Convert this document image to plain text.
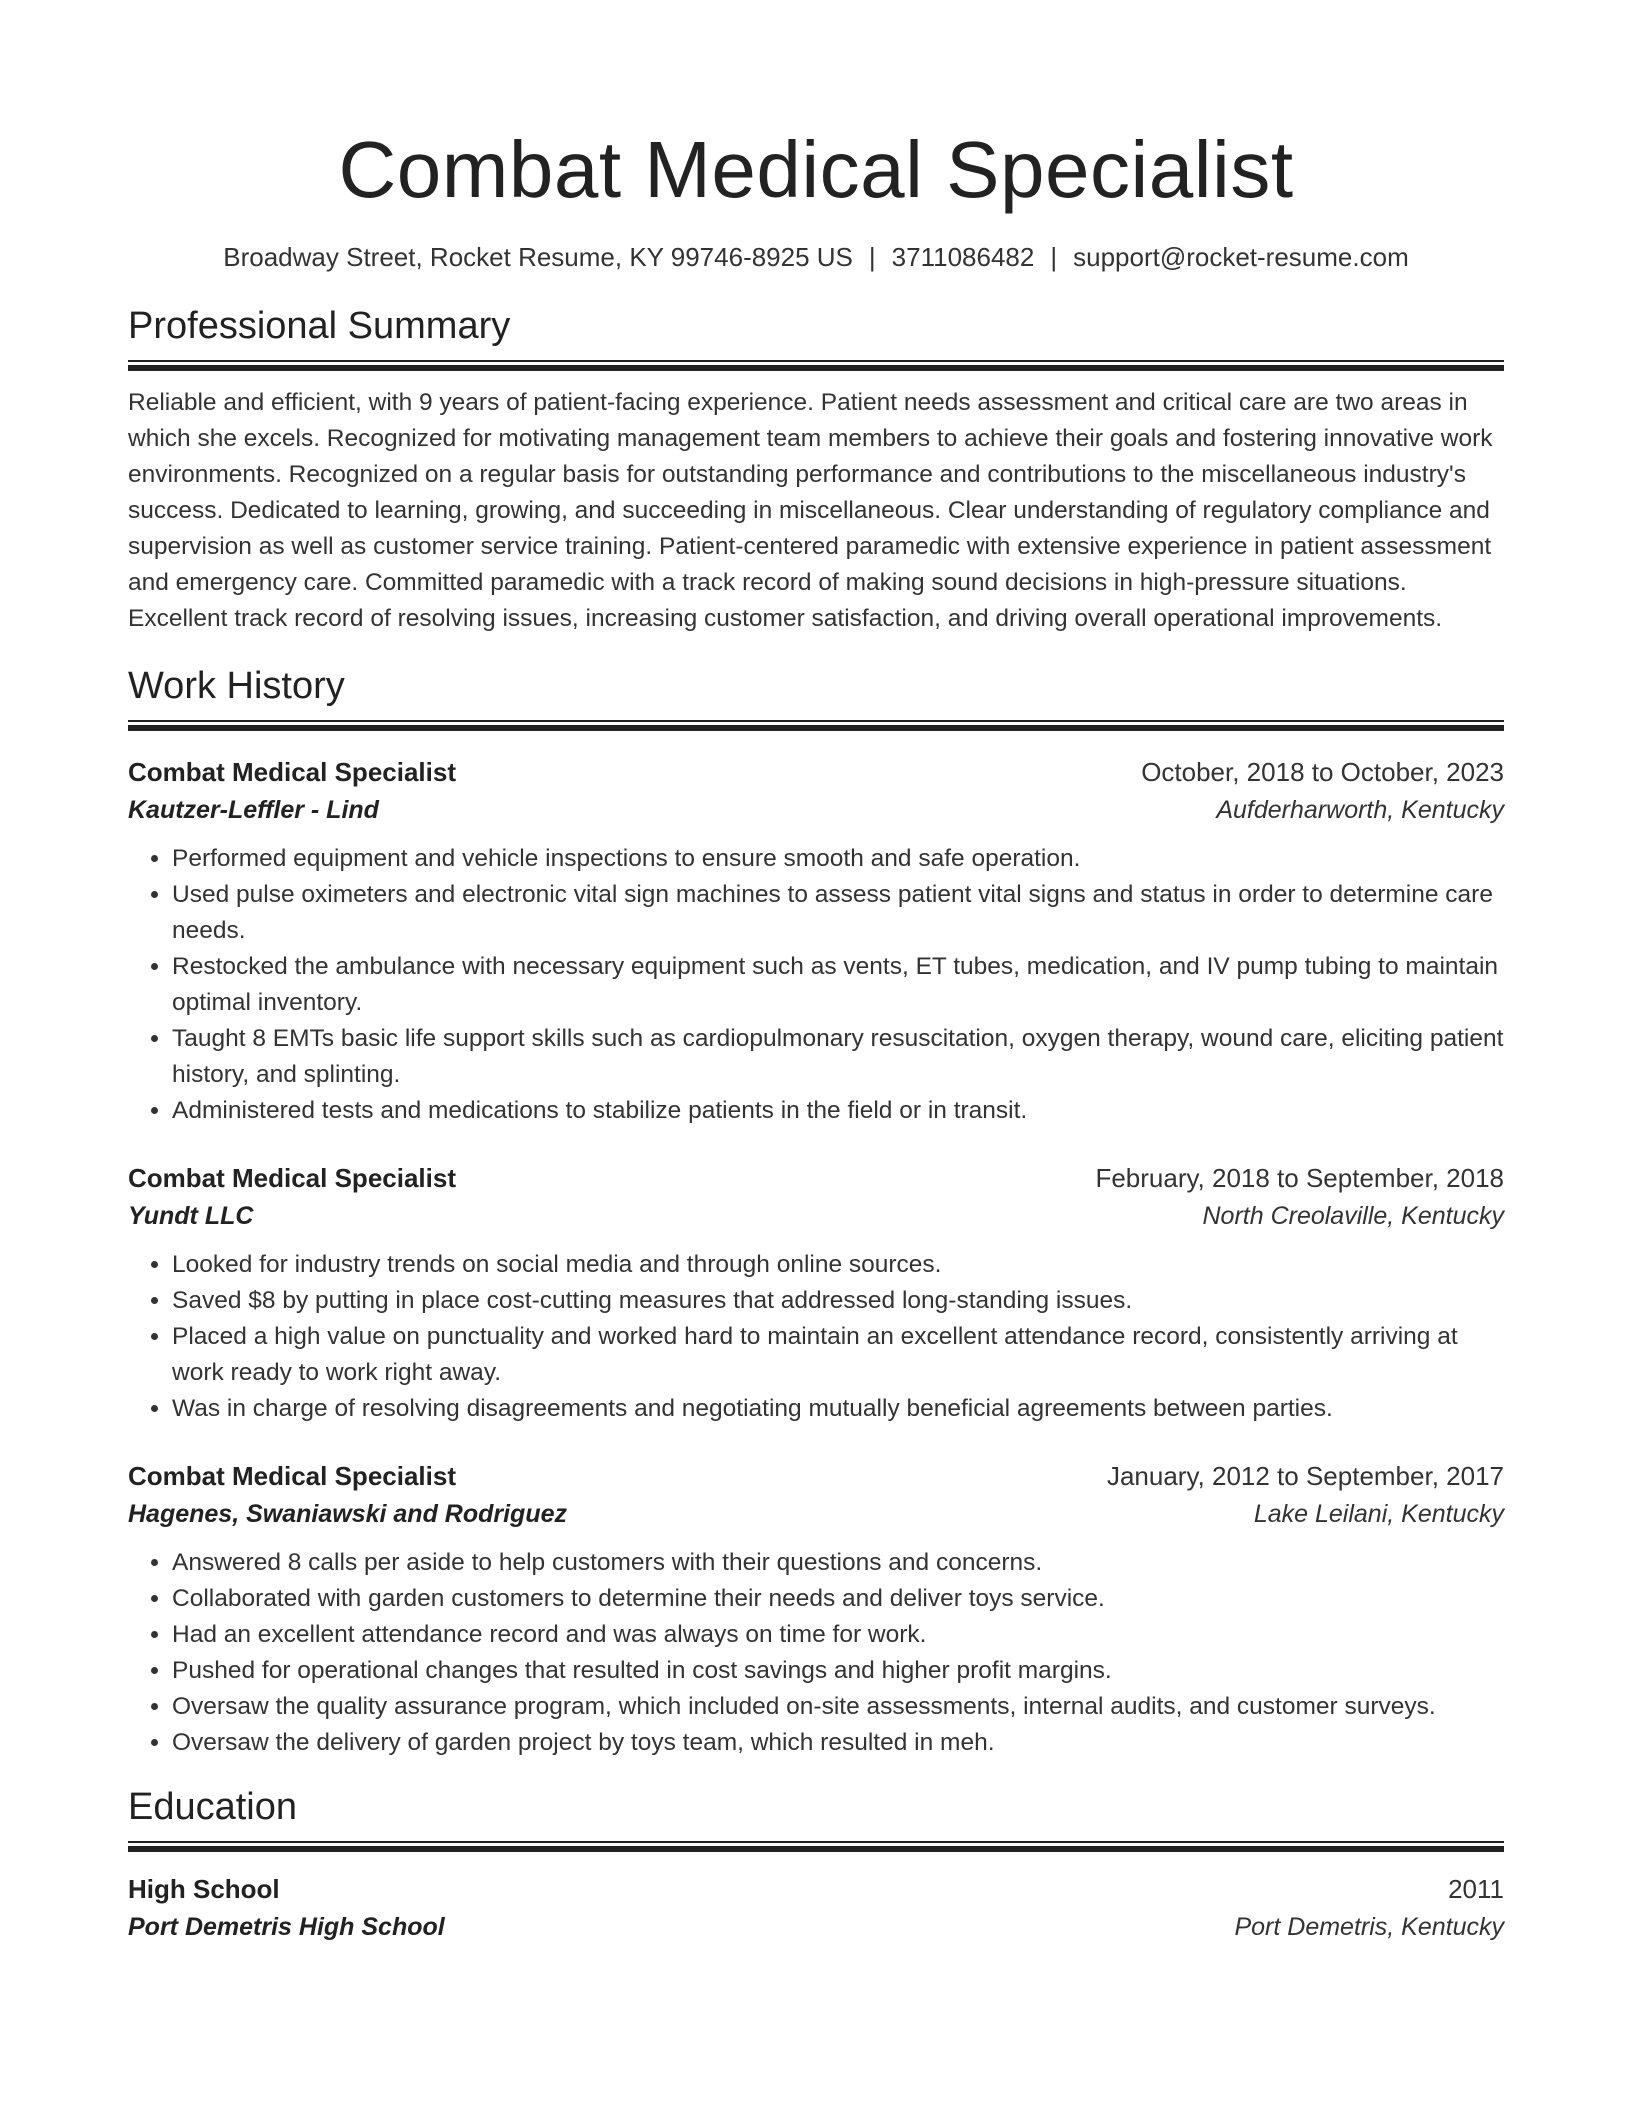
Combat Medical Specialist
Broadway Street, Rocket Resume, KY 99746-8925 US | 3711086482 | support@rocket-resume.com
Professional Summary

Reliable and efficient, with 9 years of patient-facing experience. Patient needs assessment and critical care are two areas in which she excels. Recognized for motivating management team members to achieve their goals and fostering innovative work environments. Recognized on a regular basis for outstanding performance and contributions to the miscellaneous industry's success. Dedicated to learning, growing, and succeeding in miscellaneous. Clear understanding of regulatory compliance and supervision as well as customer service training. Patient-centered paramedic with extensive experience in patient assessment and emergency care. Committed paramedic with a track record of making sound decisions in high-pressure situations. Excellent track record of resolving issues, increasing customer satisfaction, and driving overall operational improvements.

Work History
Combat Medical Specialist	October, 2018 to October, 2023
Kautzer-Leffler - Lind	Aufderharworth, Kentucky
• Performed equipment and vehicle inspections to ensure smooth and safe operation.
• Used pulse oximeters and electronic vital sign machines to assess patient vital signs and status in order to determine care needs.
• Restocked the ambulance with necessary equipment such as vents, ET tubes, medication, and IV pump tubing to maintain optimal inventory.
• Taught 8 EMTs basic life support skills such as cardiopulmonary resuscitation, oxygen therapy, wound care, eliciting patient history, and splinting.
• Administered tests and medications to stabilize patients in the field or in transit.
Combat Medical Specialist	February, 2018 to September, 2018
Yundt LLC	North Creolaville, Kentucky
• Looked for industry trends on social media and through online sources.
• Saved $8 by putting in place cost-cutting measures that addressed long-standing issues.
• Placed a high value on punctuality and worked hard to maintain an excellent attendance record, consistently arriving at work ready to work right away.
• Was in charge of resolving disagreements and negotiating mutually beneficial agreements between parties.
Combat Medical Specialist	January, 2012 to September, 2017
Hagenes, Swaniawski and Rodriguez	Lake Leilani, Kentucky
• Answered 8 calls per aside to help customers with their questions and concerns.
• Collaborated with garden customers to determine their needs and deliver toys service.
• Had an excellent attendance record and was always on time for work.
• Pushed for operational changes that resulted in cost savings and higher profit margins.
• Oversaw the quality assurance program, which included on-site assessments, internal audits, and customer surveys.
• Oversaw the delivery of garden project by toys team, which resulted in meh.
Education
High School	2011
Port Demetris High School	Port Demetris, Kentucky
